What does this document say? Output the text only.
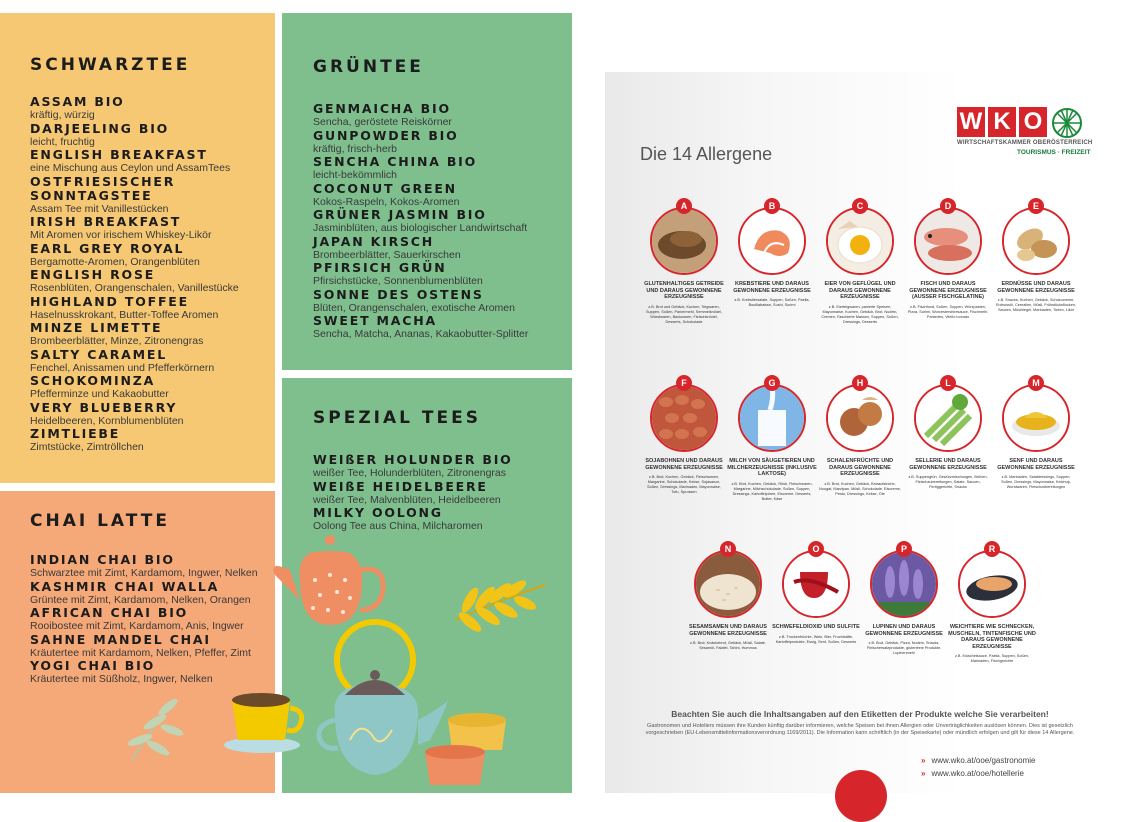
SCHWARZTEE
ASSAM BIO
kräftig, würzig
DARJEELING BIO
leicht, fruchtig
ENGLISH BREAKFAST
eine Mischung aus Ceylon und AssamTees
OSTFRIESISCHER
SONNTAGSTEE
Assam Tee mit Vanillestücken
IRISH BREAKFAST
Mit Aromen vor irischem Whiskey-Likör
EARL GREY ROYAL
Bergamotte-Aromen, Orangenblüten
ENGLISH ROSE
Rosenblüten, Orangenschalen, Vanillestücke
HIGHLAND TOFFEE
Haselnusskrokant, Butter-Toffee Aromen
MINZE LIMETTE
Brombeerblätter, Minze, Zitronengras
SALTY CARAMEL
Fenchel, Anissamen und Pfefferkörnern
SCHOKOMINZA
Pfefferminze und Kakaobutter
VERY BLUEBERRY
Heidelbeeren, Kornblumenblüten
ZIMTLIEBE
Zimtstücke, Zimtröllchen
GRÜNTEE
GENMAICHA BIO
Sencha, geröstete Reiskörner
GUNPOWDER BIO
kräftig, frisch-herb
SENCHA CHINA BIO
leicht-bekömmlich
COCONUT GREEN
Kokos-Raspeln, Kokos-Aromen
GRÜNER JASMIN BIO
Jasminblüten, aus biologischer Landwirtschaft
JAPAN KIRSCH
Brombeerblätter, Sauerkirschen
PFIRSICH GRÜN
Pfirsichstücke, Sonnenblumenblüten
SONNE DES OSTENS
Blüten, Orangenschalen, exotische Aromen
SWEET MACHA
Sencha, Matcha, Ananas, Kakaobutter-Splitter
SPEZIAL TEES
WEIßER HOLUNDER BIO
weißer Tee, Holunderblüten, Zitronengras
WEIßE HEIDELBEERE
weißer Tee, Malvenblüten, Heidelbeeren
MILKY OOLONG
Oolong Tee aus China, Milcharomen
CHAI LATTE
INDIAN CHAI BIO
Schwarztee mit Zimt, Kardamom, Ingwer, Nelken
KASHMIR CHAI WALLA
Grüntee mit Zimt, Kardamom, Nelken, Orangen
AFRICAN CHAI BIO
Rooibostee mit Zimt, Kardamom, Anis, Ingwer
SAHNE MANDEL CHAI
Kräutertee mit Kardamom, Nelken, Pfeffer, Zimt
YOGI CHAI BIO
Kräutertee mit Süßholz, Ingwer, Nelken
Die 14 Allergene
W K O
WIRTSCHAFTSKAMMER OBERÖSTERREICH
TOURISMUS · FREIZEIT
A
GLUTENHALTIGES GETREIDE UND DARAUS GEWONNENE ERZEUGNISSE
z.B. Brot und Gebäck, Kuchen, Teigwaren, Suppen, Soßen, Paniermehl, Semmelknödel, Würstwaren, Backwaren, Fleischknödel, Desserts, Schokolade
B
KREBSTIERE UND DARAUS GEWONNENE ERZEUGNISSE
z.B. Krebstiersalate, Suppen, Soßen, Paella, Bouillabaisse, Sushi, Surimi
C
EIER VON GEFLÜGEL UND DARAUS GEWONNENE ERZEUGNISSE
z.B. Eierteigwaren, panierte Speisen, Mayonnaise, Kuchen, Gebäck, Brot, Nudeln, Cremen, Faschierte Massen, Suppen, Soßen, Dressings, Desserts
D
FISCH UND DARAUS GEWONNENE ERZEUGNISSE (AUSSER FISCHGELATINE)
z.B. Fischfond, Soßen, Suppen, Würzpasten, Pizza, Surimi, Worcestershiresauce, Fischmehl, Paniertes, Vitello tonnato
E
ERDNÜSSE UND DARAUS GEWONNENE ERZEUGNISSE
z.B. Snacks, Kuchen, Gebäck, Schokocreme, Erdnussöl, Cerealien, Müsli, Frühstücksflocken, Saucen, Müsliriegel, Marinaden, Torten, Likör
F
SOJABOHNEN UND DARAUS GEWONNENE ERZEUGNISSE
z.B. Brot, Kuchen, Gebäck, Fleischwaren, Margarine, Schokolade, Kekse, Sojasauce, Soßen, Dressings, Marinaden, Mayonnaise, Tofu, Sprossen
G
MILCH VON SÄUGETIEREN UND MILCHERZEUGNISSE (INKLUSIVE LAKTOSE)
z.B. Brot, Kuchen, Gebäck, Rösti, Fleischwaren, Margarine, Milchschokolade, Soßen, Suppen, Dressings, Kartoffelpüree, Eiscreme, Desserts, Butter, Käse
H
SCHALENFRÜCHTE UND DARAUS GEWONNENE ERZEUGNISSE
z.B. Brot, Kuchen, Gebäck, Brotaufstriche, Nougat, Marzipan, Müsli, Schokolade, Eiscreme, Pesto, Dressings, Kekse, Öle
L
SELLERIE UND DARAUS GEWONNENE ERZEUGNISSE
z.B. Suppengrün, Gewürzmischungen, Brühen, Fleischzubereitungen, Salate, Saucen, Fertiggerichte, Snacks
M
SENF UND DARAUS GEWONNENE ERZEUGNISSE
z.B. Marinaden, Salatdressings, Suppen, Soßen, Dressings, Mayonnaise, Ketchup, Wurstwaren, Fleischzubereitungen
N
SESAMSAMEN UND DARAUS GEWONNENE ERZEUGNISSE
z.B. Brot, Knäckebrot, Gebäck, Müsli, Salate, Sesamöl, Falafel, Tahini, Hummus
O
SCHWEFELDIOXID UND SULFITE
z.B. Trockenfrüchte, Wein, Bier, Fruchtsäfte, Kartoffelprodukte, Essig, Senf, Soßen, Desserts
P
LUPINEN UND DARAUS GEWONNENE ERZEUGNISSE
z.B. Brot, Gebäck, Pizza, Nudeln, Snacks, Fleischersatzprodukte, glutenfreie Produkte, Lupinenmehl
R
WEICHTIERE WIE SCHNECKEN, MUSCHELN, TINTENFISCHE UND DARAUS GEWONNENE ERZEUGNISSE
z.B. Muschelsauce, Paella, Suppen, Soßen, Marinaden, Fischgerichte

Beachten Sie auch die Inhaltsangaben auf den Etiketten der Produkte welche Sie verarbeiten!

Gastronomen und Hoteliers müssen ihre Kunden künftig darüber informieren, welche Speisen bei ihnen Allergien oder Unverträglichkeiten auslösen können. Dies ist gesetzlich vorgeschrieben (EU-Lebensmittelinformationsverordnung 1169/2011). Die Information kann schriftlich (in der Speisekarte) oder mündlich erfolgen und gilt für diese 14 Allergene.
» www.wko.at/ooe/gastronomie
» www.wko.at/ooe/hotellerie
